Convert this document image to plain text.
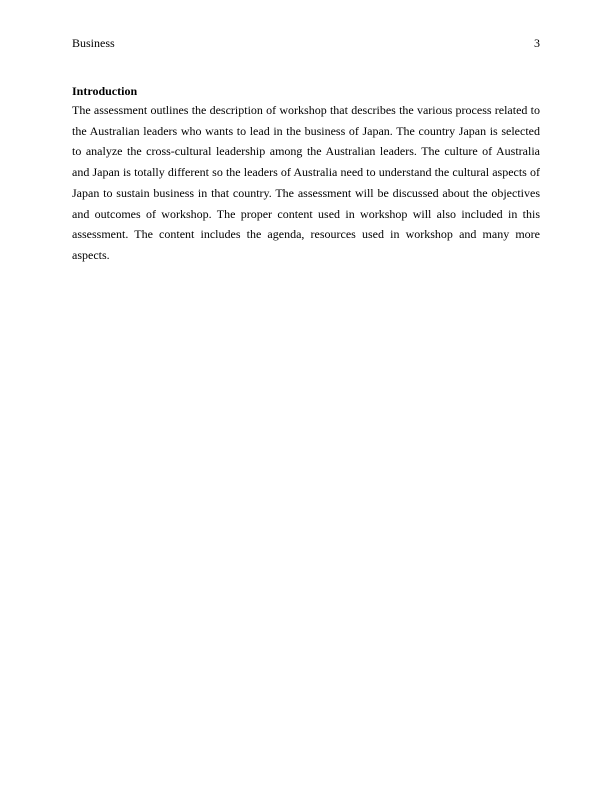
Business	3
Introduction
The assessment outlines the description of workshop that describes the various process related to
the Australian leaders who wants to lead in the business of Japan. The country Japan is selected
to analyze the cross-cultural leadership among the Australian leaders. The culture of Australia
and Japan is totally different so the leaders of Australia need to understand the cultural aspects of
Japan to sustain business in that country. The assessment will be discussed about the objectives
and outcomes of workshop. The proper content used in workshop will also included in this
assessment. The content includes the agenda, resources used in workshop and many more
aspects.
